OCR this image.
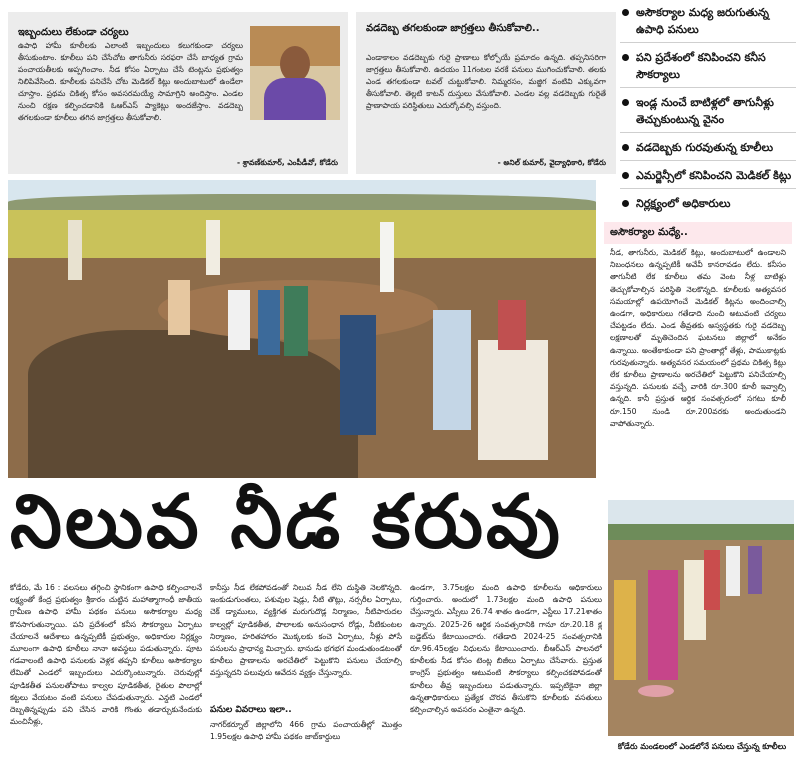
ఇబ్బందులు లేకుండా చర్యలు
ఉపాధి హామీ కూలీలకు ఎలాంటి ఇబ్బందులు కలుగకుండా చర్యలు తీసుకుంటాం. కూలీలు పని చేసేచోట తాగునీరు సరఫరా చేసే బాధ్యత గ్రామ పంచాయతీలకు అప్పగించాం. నీడ కోసం ఏర్పాటు చేసే టెంట్లను ప్రభుత్వం నిలిపివేసింది. కూలీలకు పనిచేసే చోట మెడికల్ కిట్లు అందుబాటులో ఉండేలా చూస్తాం. ప్రథమ చికిత్స కోసం అవసరమయ్యే సామాగ్రిని అందిస్తాం. ఎండల నుంచి రక్షణ కల్పించడానికి ఓఆర్ఎస్ ప్యాకెట్లు అందజేస్తాం. వడదెబ్బ తగలకుండా కూలీలు తగిన జాగ్రత్తలు తీసుకోవాలి.
- శ్రావణ్‌కుమార్, ఎంపీడీవో, కోడేరు
వడదెబ్బ తగలకుండా జాగ్రత్తలు తీసుకోవాలి..
ఎండాకాలం వడదెబ్బకు గురై ప్రాణాలు కోల్పోయే ప్రమాదం ఉన్నది. తప్పనిసరిగా జాగ్రత్తలు తీసుకోవాలి. ఉదయం 11గంటల వరకే పనులు ముగించుకోవాలి. తలకు ఎండ తగలకుండా టవల్ చుట్టుకోవాలి. నిమ్మరసం, మజ్జిగ వంటివి ఎక్కువగా తీసుకోవాలి. తెల్లటి కాటన్ దుస్తులు వేసుకోవాలి. ఎండల వల్ల వడదెబ్బకు గురైతే ప్రాణాపాయ పరిస్థితులు ఎదుర్కోవల్సి వస్తుంది.
- అనిల్ కుమార్, వైద్యాధికారి, కోడేరు
అసౌకర్యాల మధ్య జరుగుతున్న ఉపాధి పనులు
పని ప్రదేశంలో కనిపించని కనీస సౌకర్యాలు
ఇండ్ల నుంచే బాటిళ్లలో తాగునీళ్లు తెచ్చుకుంటున్న వైనం
వడదెబ్బకు గురవుతున్న కూలీలు
ఎమర్జెన్సీలో కనిపించని మెడికల్ కిట్లు
నిర్లక్ష్యంలో అధికారులు
అసౌకర్యాల మధ్యే..
నీడ, తాగునీరు, మెడికల్ కిట్లు, అందుబాటులో ఉండాలని నిబంధనలు ఉన్నప్పటికీ అవేవీ కానరావడం లేదు. కనీసం తాగునీటి లేక కూలీలు తమ వెంట నీళ్ల బాటిళ్లు తెచ్చుకోవాల్సిన పరిస్థితి నెలకొన్నది. కూలీలకు అత్యవసర సమయాల్లో ఉపయోగించే మెడికల్ కిట్లను అందించాల్సి ఉండగా, అధికారులు గతేడాది నుంచి అటువంటి చర్యలు చేపట్టడం లేదు. ఎండ తీవ్రతకు అస్వస్థతకు గురై వడదెబ్బ లక్షణాలతో మృతిచెందిన ఘటనలు జిల్లాలో అనేకం ఉన్నాయి. అంతేకాకుండా పని ప్రాంతాల్లో తేళ్లు, పాముకాట్లకు గురవుతున్నారు. అత్యవసర సమయంలో ప్రథమ చికిత్స కిట్లు లేక కూలీలు ప్రాణాలను అరచేతిలో పెట్టుకొని పనిచేయాల్సి వస్తున్నది. పనులకు వచ్చే వారికి రూ.300 కూలీ ఇవ్వాల్సి ఉన్నది. కానీ ప్రస్తుత ఆర్థిక సంవత్సరంలో సగటు కూలీ రూ.150 నుండి రూ.200వరకు అందుతుండని వాపోతున్నారు.
నిలువ నీడ కరువు
కోడేరు, మే 16 : వలసలు తగ్గించి స్థానికంగా ఉపాధి కల్పించాలనే లక్ష్యంతో కేంద్ర ప్రభుత్వం శ్రీకారం చుట్టిన మహాత్మాగాంధీ జాతీయ గ్రామీణ ఉపాధి హామీ పథకం పనులు అసౌకర్యాల మధ్య కొనసాగుతున్నాయి. పని ప్రదేశంలో కనీస సౌకర్యాలు ఏర్పాటు చేయాలనే ఆదేశాలు ఉన్నప్పటికీ ప్రభుత్వం, అధికారుల నిర్లక్ష్యం మూలంగా ఉపాధి కూలీలు నానా అవస్థలు పడుతున్నారు. పూట గడవాలంటే ఉపాధి పనులకు వెళ్లక తప్పని కూలీలు అసౌకర్యాల లేమితో ఎండలో ఇబ్బందులు ఎదుర్కొంటున్నారు. చెరువుల్లో పూడికతీత పనులతోపాటు కాల్వల పూడికతీత, రైతుల పొలాల్లో కట్టలు వేయటం వంటి పనులు చేపడుతున్నారు. ఎన్డటి ఎండలో దెబ్బతిన్నప్పుడు పని చేసిన వారికి గొంతు తడార్చుకునేందుకు మంచినీళ్లు,
కానీస్తు నీడ లేకపోవడంతో నిలువ నీడ లేని దుస్థితి నెలకొన్నది. ఇంకుడుగుంతలు, పశువుల షెడ్లు, నీటి తొట్లు, నర్సరీల ఏర్పాటు, చెక్ డ్యాములు, వ్యక్తిగత మరుగుదొడ్ల నిర్మాణం, నీటిపారుదల కాల్వల్లో పూడికతీత, పొలాలకు అనుసంధాన రోడ్లు, నీటికుంటల నిర్మాణం, హరితహారం మొక్కలకు కంచె ఏర్పాటు, నీళ్లు పోసే పనులను ప్రాధాన్య మిచ్చారు. భానుడు భగభగ మండుతుండటంతో కూలీలు ప్రాణాలను అరచేతిలో పెట్టుకొని పనులు చేయాల్సి వస్తున్నదని పలువురు ఆవేదన వ్యక్తం చేస్తున్నారు.
పనుల వివరాలు ఇలా..
నాగర్‌కర్నూల్ జిల్లాలోని 466 గ్రామ పంచాయతీల్లో మొత్తం 1.95లక్షల ఉపాధి హామీ పథకం జాబ్‌కార్డులు
ఉండగా, 3.75లక్షల మంది ఉపాధి కూలీలను ఆధికారులు గుర్తించారు. అందులో 1.73లక్షల మంది ఉపాధి పనులు చేస్తున్నారు. ఎస్సీలు 26.74 శాతం ఉండగా, ఎస్టీలు 17.21శాతం ఉన్నారు. 2025-26 ఆర్థిక సంవత్సరానికి గానూ రూ.20.18 క్ల బడ్జెట్‌ను కేటాయించారు. గతేడాది 2024-25 సంవత్సరానికి రూ.96.45లక్షల నిధులను కేటాయించారు. బీఆర్ఎస్ పాలనలో కూలీలకు నీడ కోసం టెంట్ల బిజీలు ఏర్పాటు చేసేవారు. ప్రస్తుత కాంగ్రెస్ ప్రభుత్వం ఆటువంటి సౌకర్యాలు కల్పించకపోవడంతో కూలీలు తీవ్ర ఇబ్బందులు పడుతున్నారు. ఇప్పటికైనా జిల్లా ఉన్నతాధికారులు ప్రత్యేక చొరవ తీసుకొని కూలీలకు వసతులు కల్పించాల్సిన అవసరం ఎంతైనా ఉన్నది.
కోడేరు మండలంలో ఎండలోనే పనులు చేస్తున్న కూలీలు
